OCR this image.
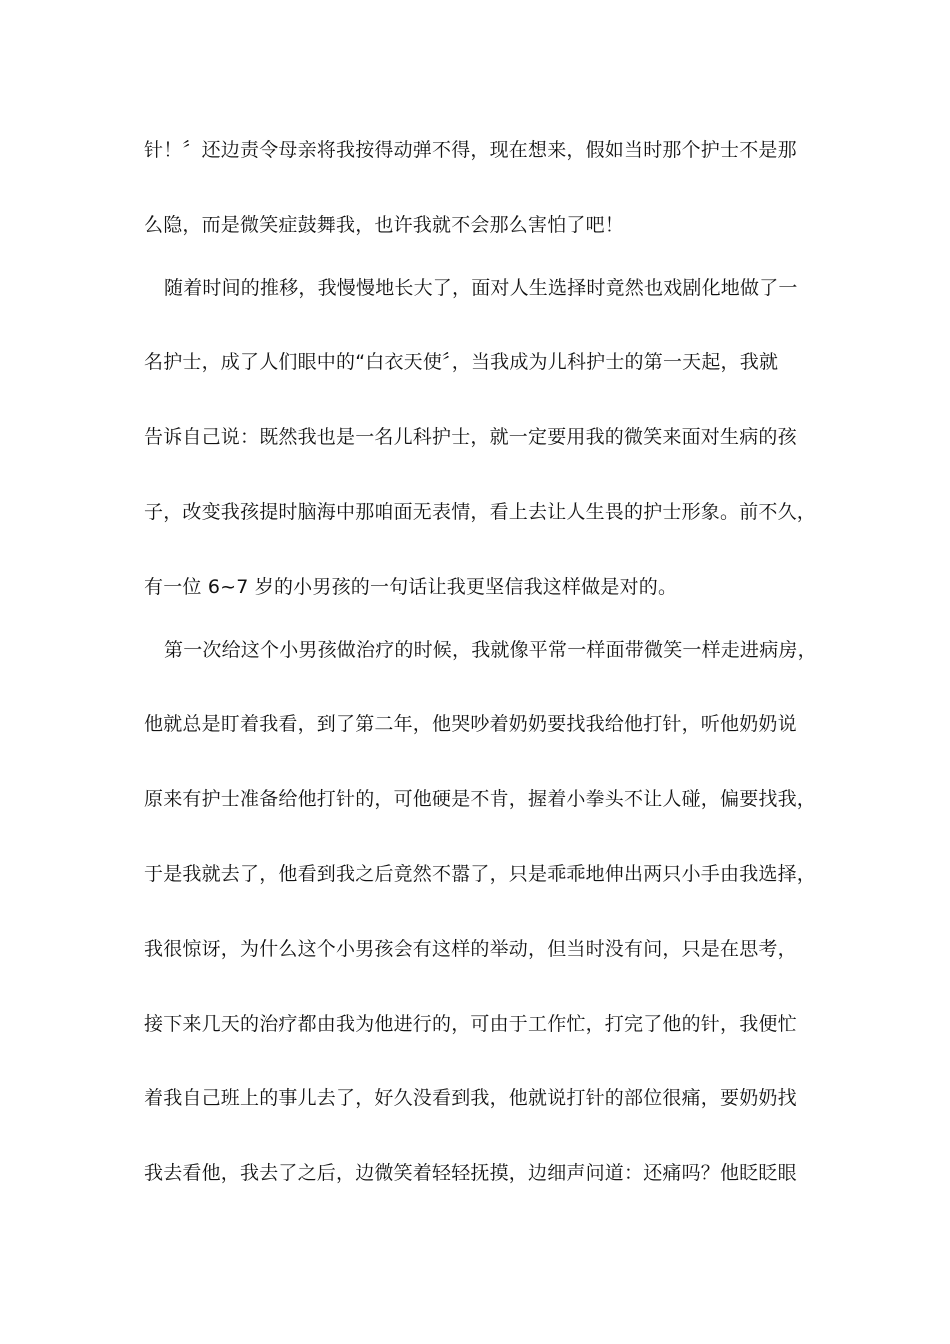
针！〞还边责令母亲将我按得动弹不得，现在想来，假如当时那个护士不是那
么隐，而是微笑症鼓舞我，也许我就不会那么害怕了吧！
随着时间的推移，我慢慢地长大了，面对人生选择时竟然也戏剧化地做了一
名护士，成了人们眼中的“白衣天使〞，当我成为儿科护士的第一天起，我就
告诉自己说：既然我也是一名儿科护士，就一定要用我的微笑来面对生病的孩
子，改变我孩提时脑海中那咱面无表情，看上去让人生畏的护士形象。前不久，
有一位 6~7 岁的小男孩的一句话让我更坚信我这样做是对的。
第一次给这个小男孩做治疗的时候，我就像平常一样面带微笑一样走进病房，
他就总是盯着我看，到了第二年，他哭吵着奶奶要找我给他打针，听他奶奶说
原来有护士准备给他打针的，可他硬是不肯，握着小拳头不让人碰，偏要找我，
于是我就去了，他看到我之后竟然不嚣了，只是乖乖地伸出两只小手由我选择，
我很惊讶，为什么这个小男孩会有这样的举动，但当时没有问，只是在思考，
接下来几天的治疗都由我为他进行的，可由于工作忙，打完了他的针，我便忙
着我自己班上的事儿去了，好久没看到我，他就说打针的部位很痛，要奶奶找
我去看他，我去了之后，边微笑着轻轻抚摸，边细声问道：还痛吗？他眨眨眼
